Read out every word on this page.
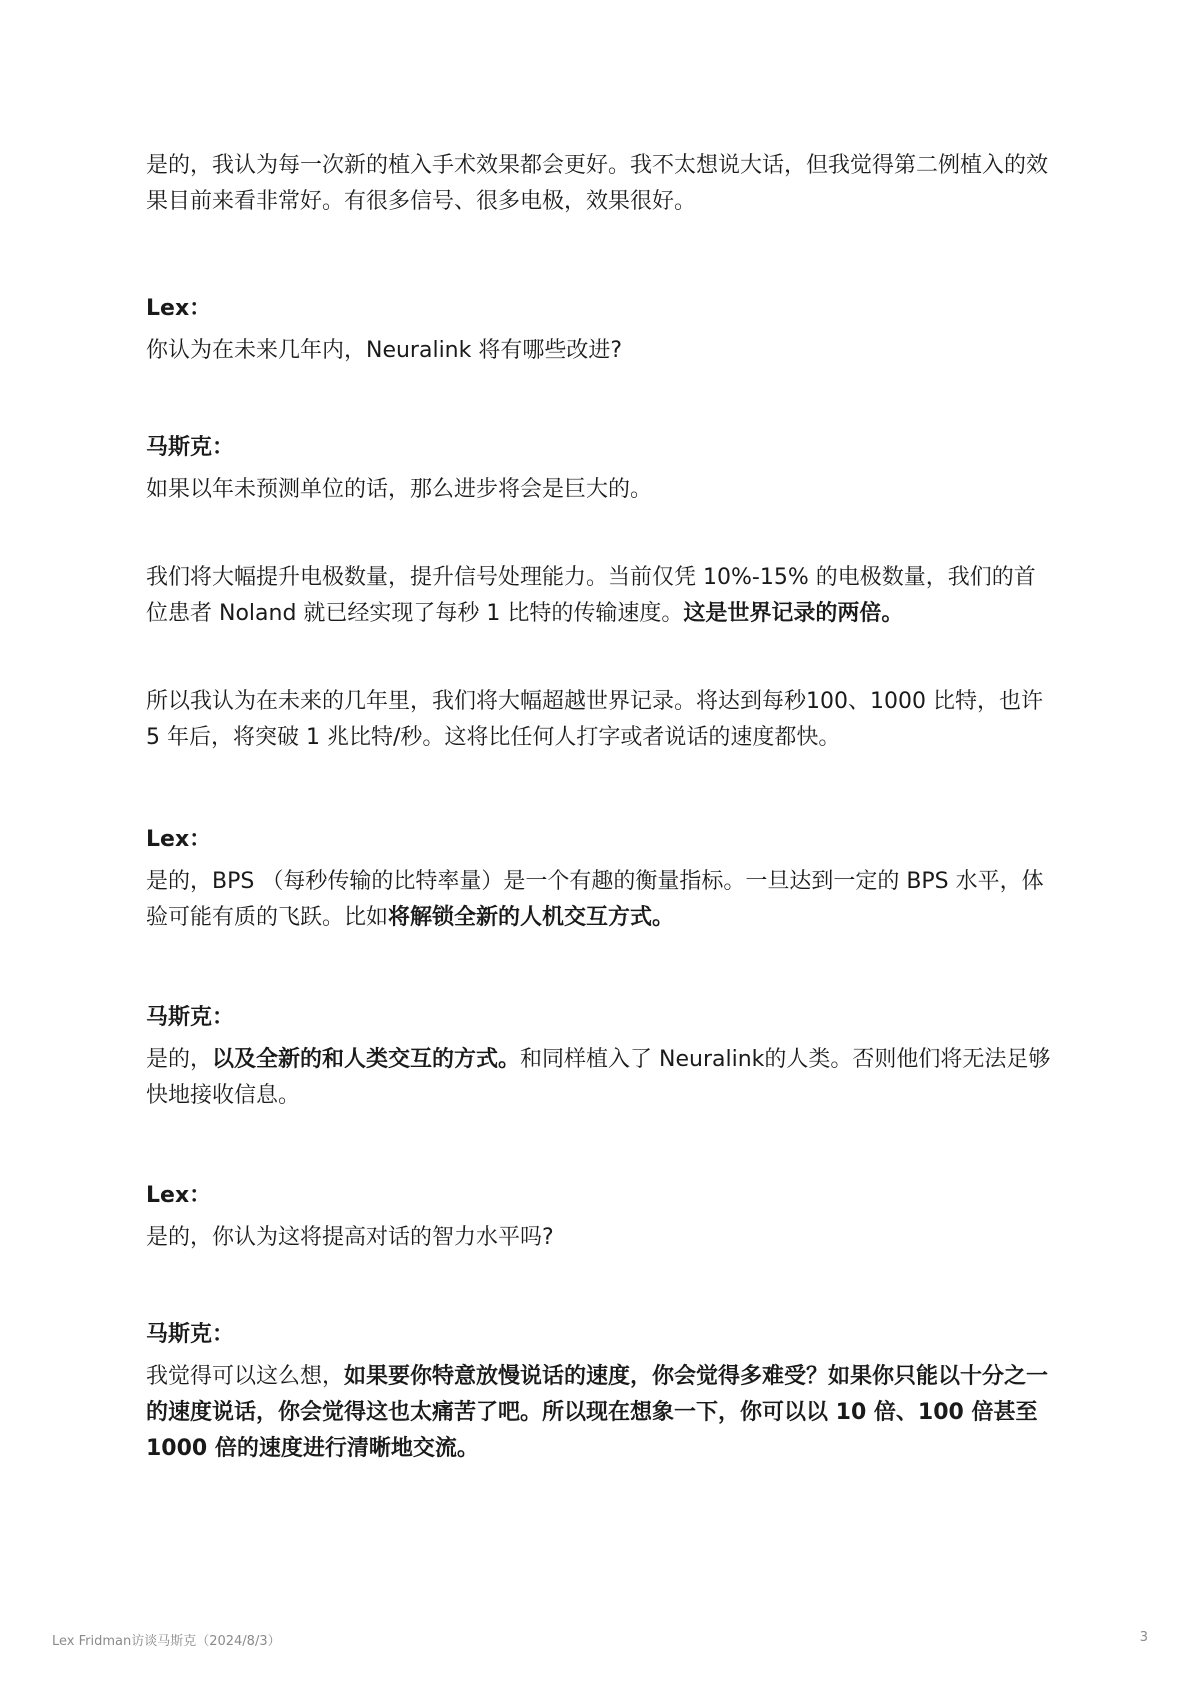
是的，我认为每一次新的植入手术效果都会更好。我不太想说大话，但我觉得第二例植入的效果目前来看非常好。有很多信号、很多电极，效果很好。

Lex：

你认为在未来几年内，Neuralink 将有哪些改进?

马斯克：

如果以年未预测单位的话，那么进步将会是巨大的。

我们将大幅提升电极数量，提升信号处理能力。当前仅凭 10%-15% 的电极数量，我们的首位患者 Noland 就已经实现了每秒 1 比特的传输速度。这是世界记录的两倍。

所以我认为在未来的几年里，我们将大幅超越世界记录。将达到每秒100、1000 比特，也许 5 年后，将突破 1 兆比特/秒。这将比任何人打字或者说话的速度都快。

Lex：

是的，BPS （每秒传输的比特率量）是一个有趣的衡量指标。一旦达到一定的 BPS 水平，体验可能有质的飞跃。比如将解锁全新的人机交互方式。

马斯克：

是的，以及全新的和人类交互的方式。和同样植入了 Neuralink的人类。否则他们将无法足够快地接收信息。

Lex：

是的，你认为这将提高对话的智力水平吗?

马斯克：

我觉得可以这么想，如果要你特意放慢说话的速度，你会觉得多难受？如果你只能以十分之一的速度说话，你会觉得这也太痛苦了吧。所以现在想象一下，你可以以 10 倍、100 倍甚至 1000 倍的速度进行清晰地交流。

Lex Fridman访谈马斯克（2024/8/3）	3
